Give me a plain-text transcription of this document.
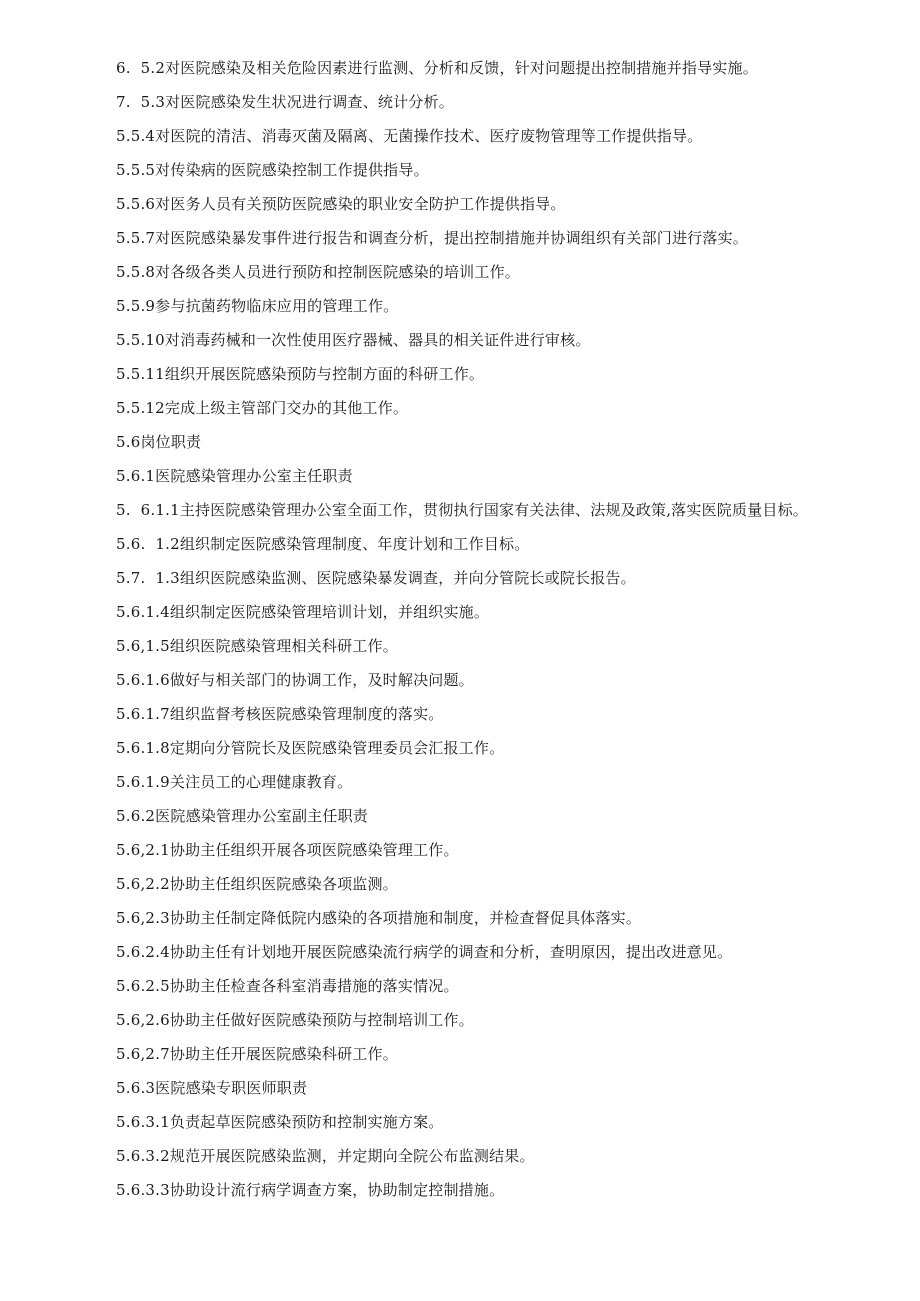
6.  5.2对医院感染及相关危险因素进行监测、分析和反馈，针对问题提出控制措施并指导实施。
7.  5.3对医院感染发生状况进行调查、统计分析。
5.5.4对医院的清洁、消毒灭菌及隔离、无菌操作技术、医疗废物管理等工作提供指导。
5.5.5对传染病的医院感染控制工作提供指导。
5.5.6对医务人员有关预防医院感染的职业安全防护工作提供指导。
5.5.7对医院感染暴发事件进行报告和调查分析，提出控制措施并协调组织有关部门进行落实。
5.5.8对各级各类人员进行预防和控制医院感染的培训工作。
5.5.9参与抗菌药物临床应用的管理工作。
5.5.10对消毒药械和一次性使用医疗器械、器具的相关证件进行审核。
5.5.11组织开展医院感染预防与控制方面的科研工作。
5.5.12完成上级主管部门交办的其他工作。
5.6岗位职责
5.6.1医院感染管理办公室主任职责
5.  6.1.1主持医院感染管理办公室全面工作，贯彻执行国家有关法律、法规及政策,落实医院质量目标。
5.6.  1.2组织制定医院感染管理制度、年度计划和工作目标。
5.7.  1.3组织医院感染监测、医院感染暴发调查，并向分管院长或院长报告。
5.6.1.4组织制定医院感染管理培训计划，并组织实施。
5.6,1.5组织医院感染管理相关科研工作。
5.6.1.6做好与相关部门的协调工作，及时解决问题。
5.6.1.7组织监督考核医院感染管理制度的落实。
5.6.1.8定期向分管院长及医院感染管理委员会汇报工作。
5.6.1.9关注员工的心理健康教育。
5.6.2医院感染管理办公室副主任职责
5.6,2.1协助主任组织开展各项医院感染管理工作。
5.6,2.2协助主任组织医院感染各项监测。
5.6,2.3协助主任制定降低院内感染的各项措施和制度，并检查督促具体落实。
5.6.2.4协助主任有计划地开展医院感染流行病学的调查和分析，查明原因，提出改进意见。
5.6.2.5协助主任检查各科室消毒措施的落实情况。
5.6,2.6协助主任做好医院感染预防与控制培训工作。
5.6,2.7协助主任开展医院感染科研工作。
5.6.3医院感染专职医师职责
5.6.3.1负责起草医院感染预防和控制实施方案。
5.6.3.2规范开展医院感染监测，并定期向全院公布监测结果。
5.6.3.3协助设计流行病学调查方案，协助制定控制措施。
